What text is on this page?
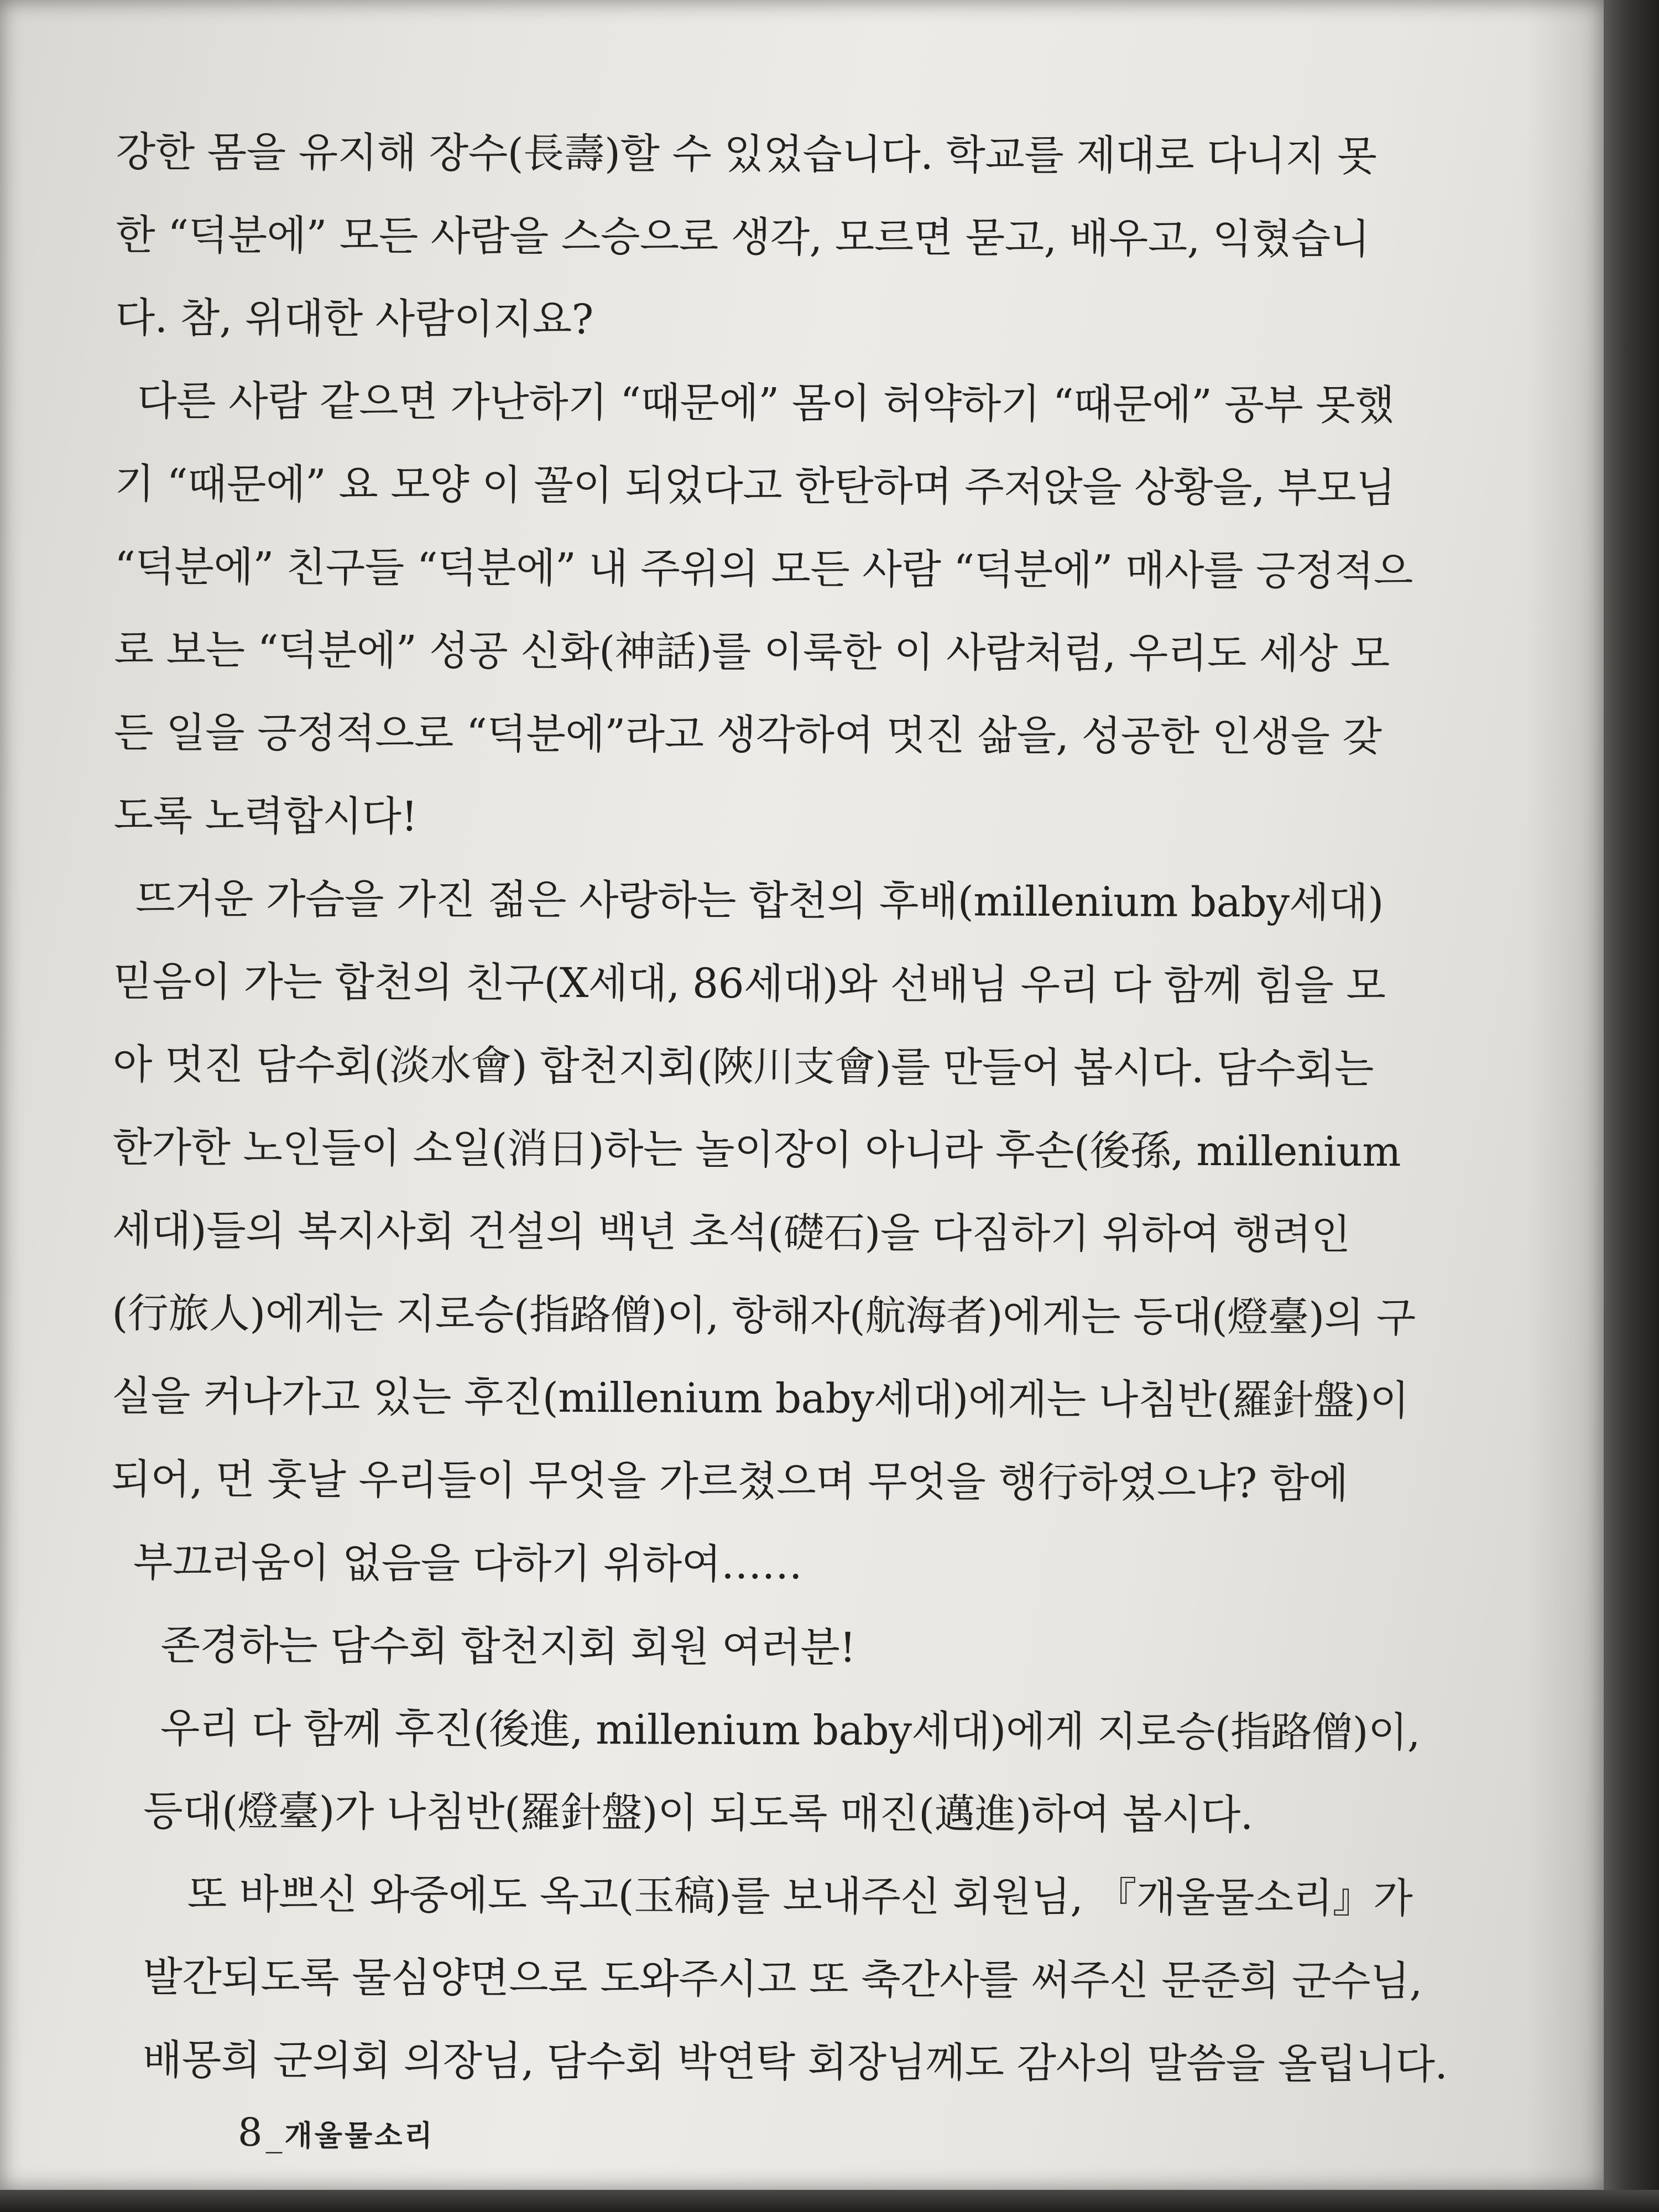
강한 몸을 유지해 장수(長壽)할 수 있었습니다. 학교를 제대로 다니지 못
한 “덕분에” 모든 사람을 스승으로 생각, 모르면 묻고, 배우고, 익혔습니
다. 참, 위대한 사람이지요?
다른 사람 같으면 가난하기 “때문에” 몸이 허약하기 “때문에” 공부 못했
기 “때문에” 요 모양 이 꼴이 되었다고 한탄하며 주저앉을 상황을, 부모님
“덕분에” 친구들 “덕분에” 내 주위의 모든 사람 “덕분에” 매사를 긍정적으
로 보는 “덕분에” 성공 신화(神話)를 이룩한 이 사람처럼, 우리도 세상 모
든 일을 긍정적으로 “덕분에”라고 생각하여 멋진 삶을, 성공한 인생을 갖
도록 노력합시다!
뜨거운 가슴을 가진 젊은 사랑하는 합천의 후배(millenium baby세대)
믿음이 가는 합천의 친구(X세대, 86세대)와 선배님 우리 다 함께 힘을 모
아 멋진 담수회(淡水會) 합천지회(陜川支會)를 만들어 봅시다. 담수회는
한가한 노인들이 소일(消日)하는 놀이장이 아니라 후손(後孫, millenium
세대)들의 복지사회 건설의 백년 초석(礎石)을 다짐하기 위하여 행려인
(行旅人)에게는 지로승(指路僧)이, 항해자(航海者)에게는 등대(燈臺)의 구
실을 커나가고 있는 후진(millenium baby세대)에게는 나침반(羅針盤)이
되어, 먼 훗날 우리들이 무엇을 가르쳤으며 무엇을 행行하였으냐? 함에
부끄러움이 없음을 다하기 위하여……
존경하는 담수회 합천지회 회원 여러분!
우리 다 함께 후진(後進, millenium baby세대)에게 지로승(指路僧)이,
등대(燈臺)가 나침반(羅針盤)이 되도록 매진(邁進)하여 봅시다.
또 바쁘신 와중에도 옥고(玉稿)를 보내주신 회원님, 『개울물소리』가
발간되도록 물심양면으로 도와주시고 또 축간사를 써주신 문준희 군수님,
배몽희 군의회 의장님, 담수회 박연탁 회장님께도 감사의 말씀을 올립니다.
8 _개울물소리
